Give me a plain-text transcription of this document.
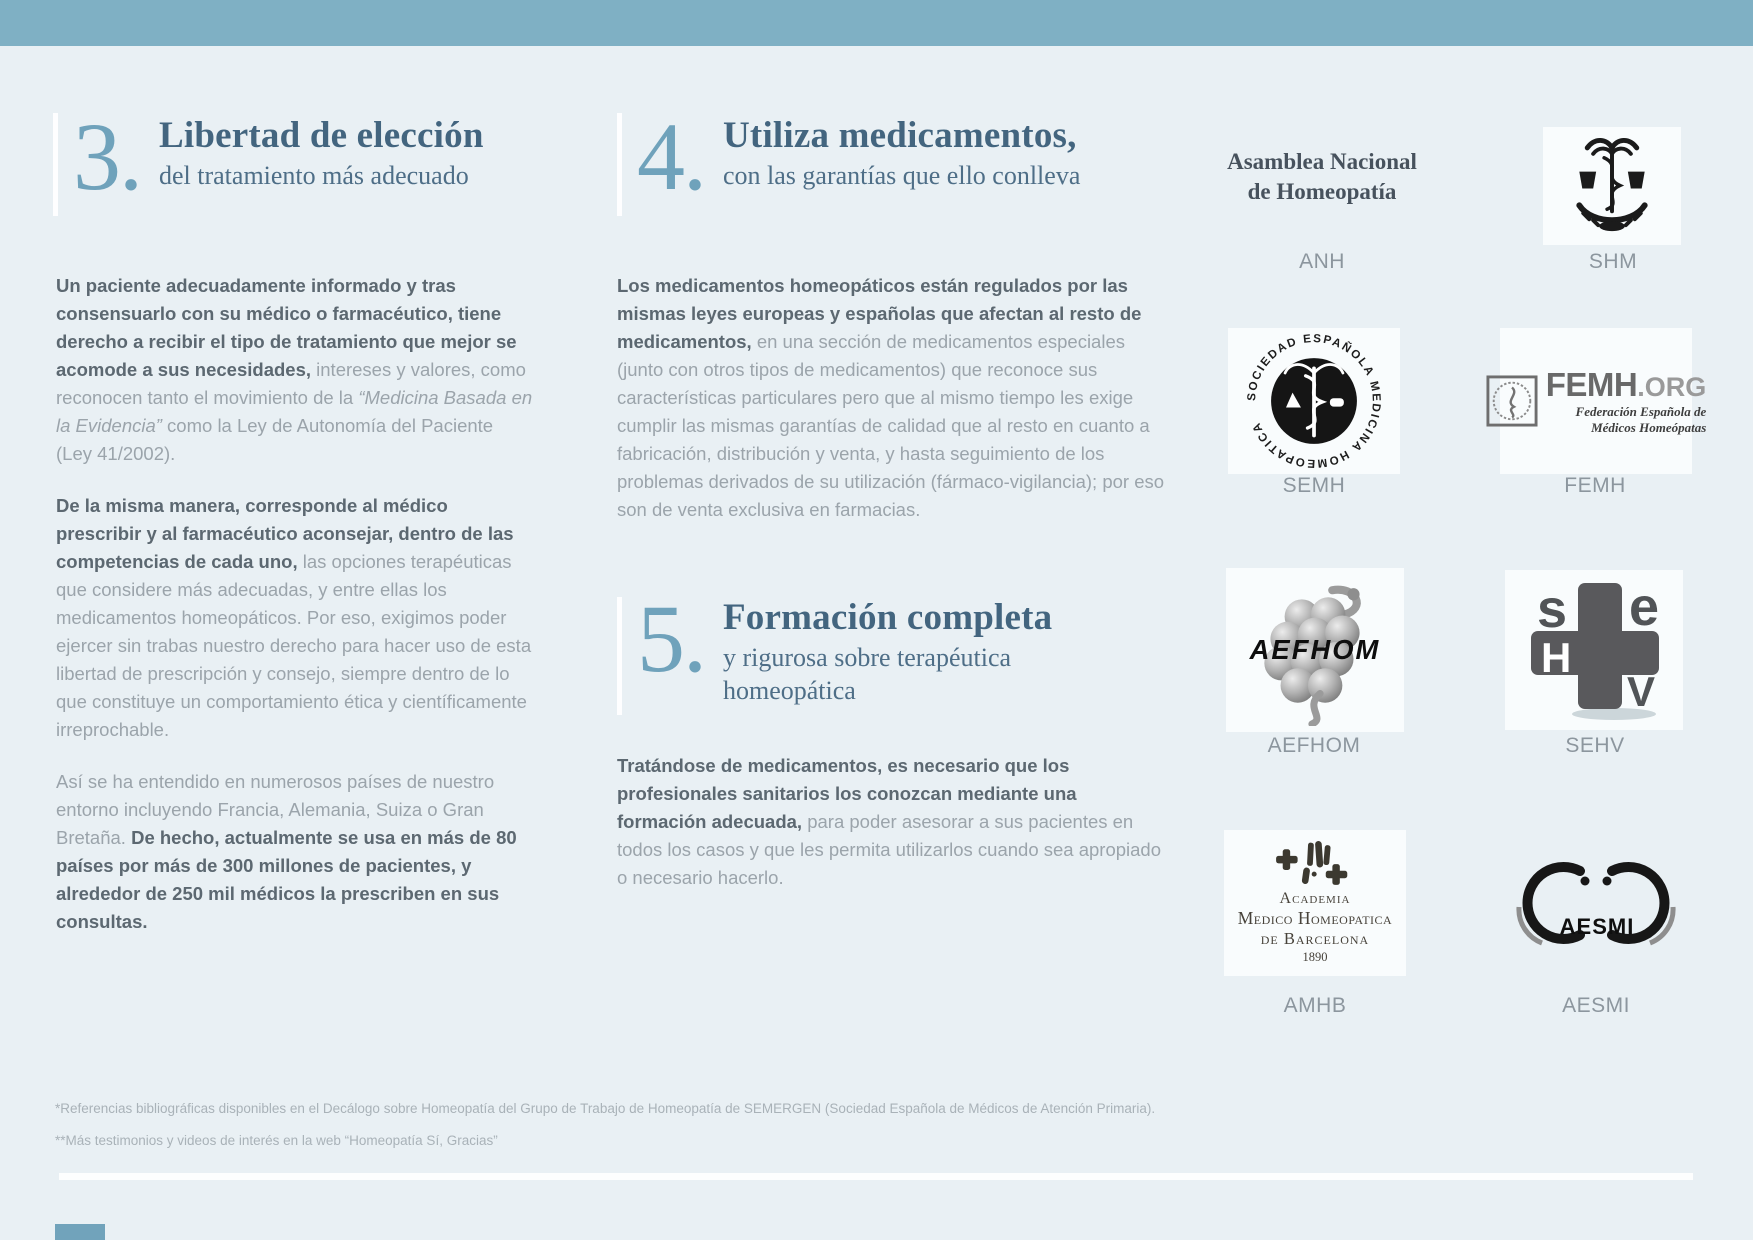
3. Libertad de elección
del tratamiento más adecuado

Un paciente adecuadamente informado y tras consensuarlo con su médico o farmacéutico, tiene derecho a recibir el tipo de tratamiento que mejor se acomode a sus necesidades, intereses y valores, como reconocen tanto el movimiento de la “Medicina Basada en la Evidencia” como la Ley de Autonomía del Paciente (Ley 41/2002).

De la misma manera, corresponde al médico prescribir y al farmacéutico aconsejar, dentro de las competencias de cada uno, las opciones terapéuticas que considere más adecuadas, y entre ellas los medicamentos homeopáticos. Por eso, exigimos poder ejercer sin trabas nuestro derecho para hacer uso de esta libertad de prescripción y consejo, siempre dentro de lo que constituye un comportamiento ética y científicamente irreprochable.

Así se ha entendido en numerosos países de nuestro entorno incluyendo Francia, Alemania, Suiza o Gran Bretaña. De hecho, actualmente se usa en más de 80 países por más de 300 millones de pacientes, y alrededor de 250 mil médicos la prescriben en sus consultas.

4. Utiliza medicamentos,
con las garantías que ello conlleva

Los medicamentos homeopáticos están regulados por las mismas leyes europeas y españolas que afectan al resto de medicamentos, en una sección de medicamentos especiales (junto con otros tipos de medicamentos) que reconoce sus características particulares pero que al mismo tiempo les exige cumplir las mismas garantías de calidad que al resto en cuanto a fabricación, distribución y venta, y hasta seguimiento de los problemas derivados de su utilización (fármaco-vigilancia); por eso son de venta exclusiva en farmacias.

5. Formación completa
y rigurosa sobre terapéutica
homeopática

Tratándose de medicamentos, es necesario que los profesionales sanitarios los conozcan mediante una formación adecuada, para poder asesorar a sus pacientes en todos los casos y que les permita utilizarlos cuando sea apropiado o necesario hacerlo.

Asamblea Nacional
de Homeopatía
ANH	SHM
SOCIEDAD ESPAÑOLA MEDICINA HOMEOPATICA
SEMH
FEMH.ORG
Federación Española de
Médicos Homeópatas
FEMH
AEFHOM
AEFHOM
s e
H
V
SEHV
Academia
Medico Homeopatica
de Barcelona
1890
AMHB
AESMI
AESMI
*Referencias bibliográficas disponibles en el Decálogo sobre Homeopatía del Grupo de Trabajo de Homeopatía de SEMERGEN (Sociedad Española de Médicos de Atención Primaria).
**Más testimonios y videos de interés en la web “Homeopatía Sí, Gracias”
